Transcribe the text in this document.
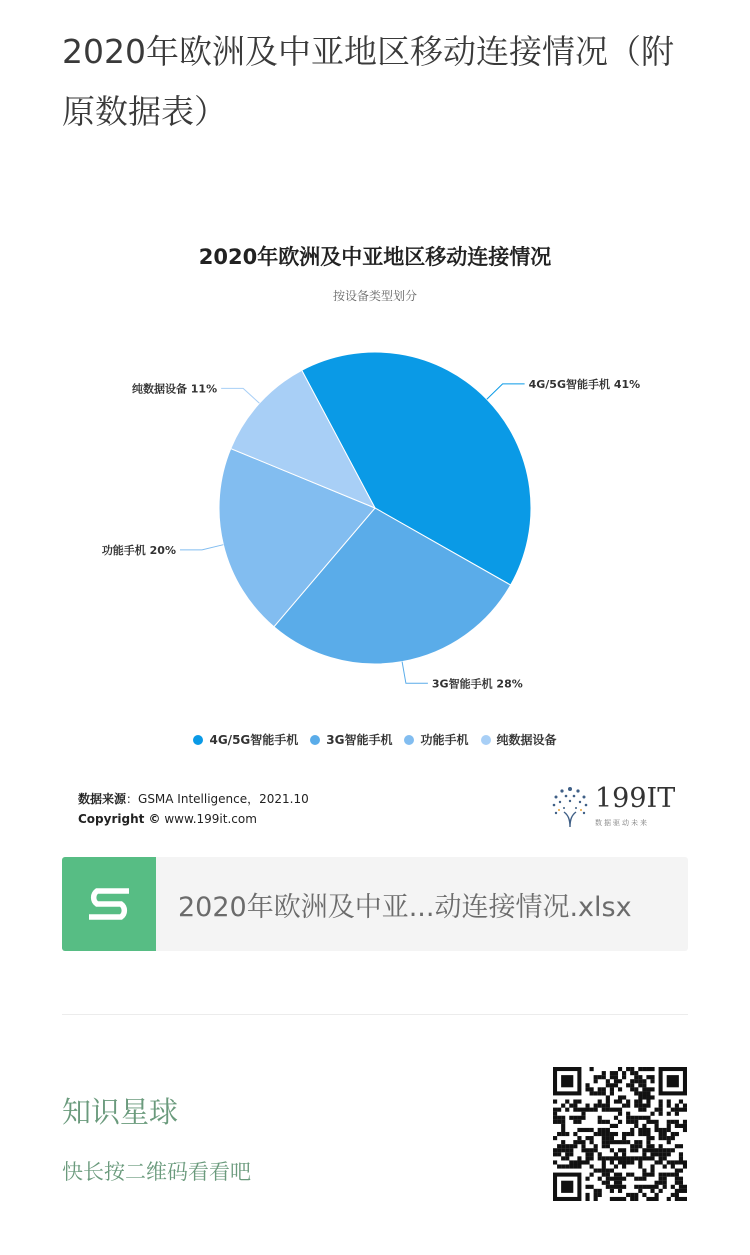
2020年欧洲及中亚地区移动连接情况（附原数据表）
2020年欧洲及中亚地区移动连接情况
按设备类型划分
4G/5G智能手机 41%
3G智能手机 28%
功能手机 20%
纯数据设备 11%
4G/5G智能手机 3G智能手机 功能手机 纯数据设备
数据来源：GSMA Intelligence，2021.10
Copyright © www.199it.com
199IT
数据驱动未来
2020年欧洲及中亚...动连接情况.xlsx
知识星球
快长按二维码看看吧
